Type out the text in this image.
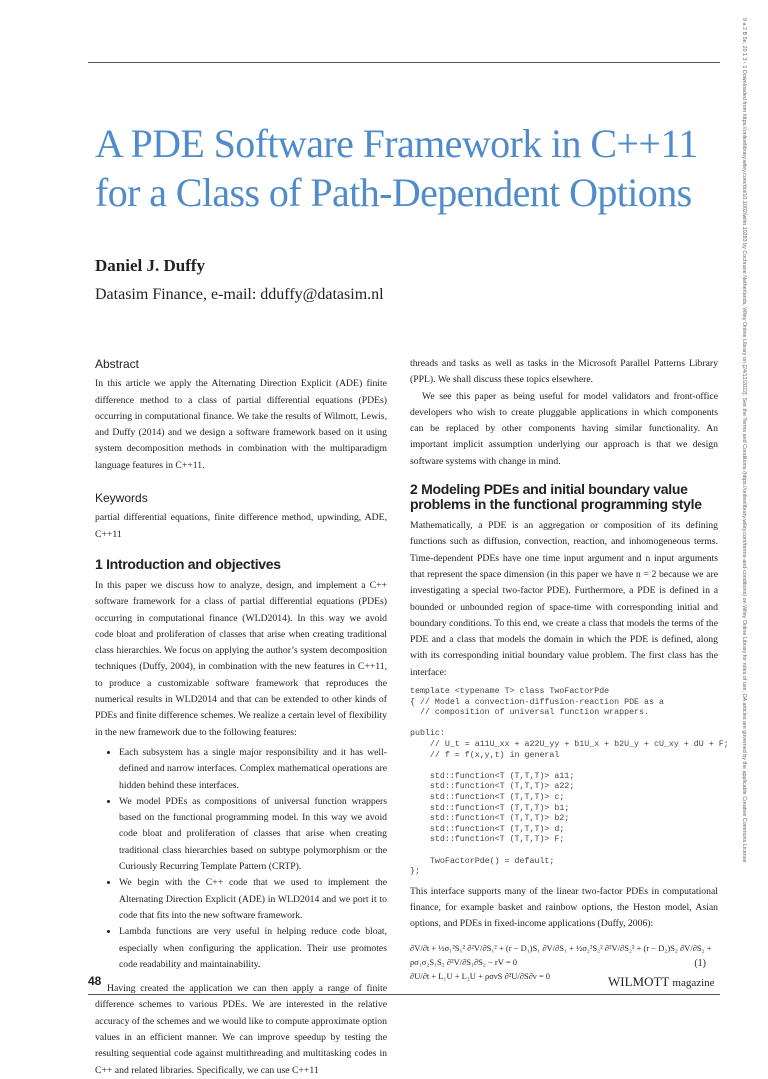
A PDE Software Framework in C++11 for a Class of Path-Dependent Options
Daniel J. Duffy

Datasim Finance, e-mail: dduffy@datasim.nl

Abstract

In this article we apply the Alternating Direction Explicit (ADE) finite difference method to a class of partial differential equations (PDEs) occurring in computational finance. We take the results of Wilmott, Lewis, and Duffy (2014) and we design a software framework based on it using system decomposition methods in combination with the multiparadigm language features in C++11.

Keywords

partial differential equations, finite difference method, upwinding, ADE, C++11

1 Introduction and objectives

In this paper we discuss how to analyze, design, and implement a C++ software framework for a class of partial differential equations (PDEs) occurring in computational finance (WLD2014). In this way we avoid code bloat and proliferation of classes that arise when creating traditional class hierarchies. We focus on applying the author’s system decomposition techniques (Duffy, 2004), in combination with the new features in C++11, to produce a customizable software framework that reproduces the numerical results in WLD2014 and that can be extended to other kinds of PDEs and finite difference schemes. We realize a certain level of flexibility in the new framework due to the following features:

• Each subsystem has a single major responsibility and it has well-defined and narrow interfaces. Complex mathematical operations are hidden behind these interfaces.
• We model PDEs as compositions of universal function wrappers based on the functional programming model. In this way we avoid code bloat and proliferation of classes that arise when creating traditional class hierarchies based on subtype polymorphism or the Curiously Recurring Template Pattern (CRTP).
• We begin with the C++ code that we used to implement the Alternating Direction Explicit (ADE) in WLD2014 and we port it to code that fits into the new software framework.
• Lambda functions are very useful in helping reduce code bloat, especially when configuring the application. Their use promotes code readability and maintainability.

Having created the application we can then apply a range of finite difference schemes to various PDEs. We are interested in the relative accuracy of the schemes and we would like to compute approximate option values in an efficient manner. We can improve speedup by testing the resulting sequential code against multithreading and multitasking codes in C++ and related libraries. Specifically, we can use C++11

threads and tasks as well as tasks in the Microsoft Parallel Patterns Library (PPL). We shall discuss these topics elsewhere.

We see this paper as being useful for model validators and front-office developers who wish to create pluggable applications in which components can be replaced by other components having similar functionality. An important implicit assumption underlying our approach is that we design software systems with change in mind.

2 Modeling PDEs and initial boundary value problems in the functional programming style

Mathematically, a PDE is an aggregation or composition of its defining functions such as diffusion, convection, reaction, and inhomogeneous terms. Time-dependent PDEs have one time input argument and n input arguments that represent the space dimension (in this paper we have n = 2 because we are investigating a special two-factor PDE). Furthermore, a PDE is defined in a bounded or unbounded region of space-time with corresponding initial and boundary conditions. To this end, we create a class that models the terms of the PDE and a class that models the domain in which the PDE is defined, along with its corresponding initial boundary value problem. The first class has the interface:

template <typename T> class TwoFactorPde
{ // Model a convection-diffusion-reaction PDE as a
// composition of universal function wrappers.

public:
// U_t = a11U_xx + a22U_yy + b1U_x + b2U_y + cU_xy + dU + F;
// f = f(x,y,t) in general

std::function<T (T,T,T)> a11;
std::function<T (T,T,T)> a22;
std::function<T (T,T,T)> c;
std::function<T (T,T,T)> b1;
std::function<T (T,T,T)> b2;
std::function<T (T,T,T)> d;
std::function<T (T,T,T)> F;

TwoFactorPde() = default;
};

This interface supports many of the linear two-factor PDEs in computational finance, for example basket and rainbow options, the Heston model, Asian options, and PDEs in fixed-income applications (Duffy, 2006):

∂V/∂t + ½σ₁²S₁² ∂²V/∂S₁² + (r − D₁)S₁ ∂V/∂S₁ + ½σ₂²S₂² ∂²V/∂S₂² + (r − D₂)S₂ ∂V/∂S₂ + ρσ₁σ₂S₁S₂ ∂²V/∂S₁∂S₂ − rV = 0
∂U/∂t + L₁U + L₂U + ρσνS ∂²U/∂S∂ν = 0
(1)
48	WILMOTT magazine
9 a 2 B 5e, 20 1 3 ‹ 1 Downloaded from https://onlinelibrary.wiley.com/doi/10.1002/wilm.10283 by Cochrane Netherlands, Wiley Online Library on [24/12/2022]. See the Terms and Conditions (https://onlinelibrary.wiley.com/terms-and-conditions) on Wiley Online Library for rules of use; OA articles are governed by the applicable Creative Commons License
